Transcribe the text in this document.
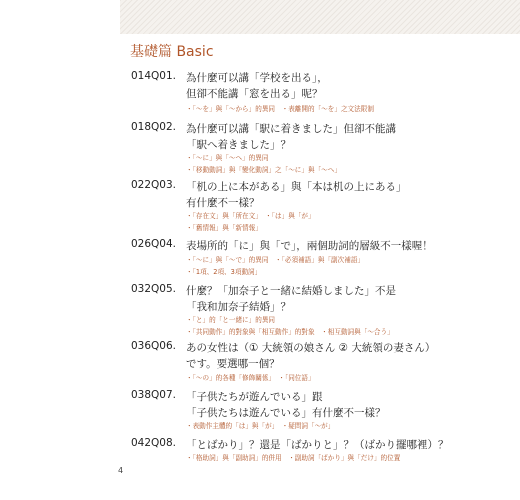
基礎篇 Basic
014 Q01. 為什麼可以講「学校を出る」，
但卻不能講「窓を出る」呢？
・「～を」與「～から」的異同　・表離開的「～を」之文法限制
018 Q02. 為什麼可以講「駅に着きました」但卻不能講
「駅へ着きました」？
・「～に」與「～へ」的異同
・「移動動詞」與「變化動詞」之「～に」與「～へ」
022 Q03. 「机の上に本がある」與「本は机の上にある」
有什麼不一樣？
・「存在文」與「所在文」　・「は」與「が」
・「舊情報」與「新情報」
026 Q04. 表場所的「に」與「で」，兩個助詞的層級不一樣喔！
・「～に」與「～で」的異同　・「必須補語」與「副次補語」
・「1項、2項、3項動詞」
032 Q05. 什麼？「加奈子と一緒に結婚しました」不是
「我和加奈子結婚」？
・「と」的「と一緒に」的異同
・「共同動作」的對象與「相互動作」的對象　・相互動詞與「～合う」
036 Q06. あの女性は（① 大統領の娘さん ② 大統領の妻さん）
です。要選哪一個？
・「～の」的各種「修飾關係」　・「同位語」
038 Q07. 「子供たちが遊んでいる」跟
「子供たちは遊んでいる」有什麼不一樣？
・表動作主體的「は」與「が」　・疑問詞「～が」
042 Q08. 「とばかり」？還是「ばかりと」？（ばかり擺哪裡）？
・「格助詞」與「副助詞」的併用　・副助詞「ばかり」與「だけ」的位置
4
